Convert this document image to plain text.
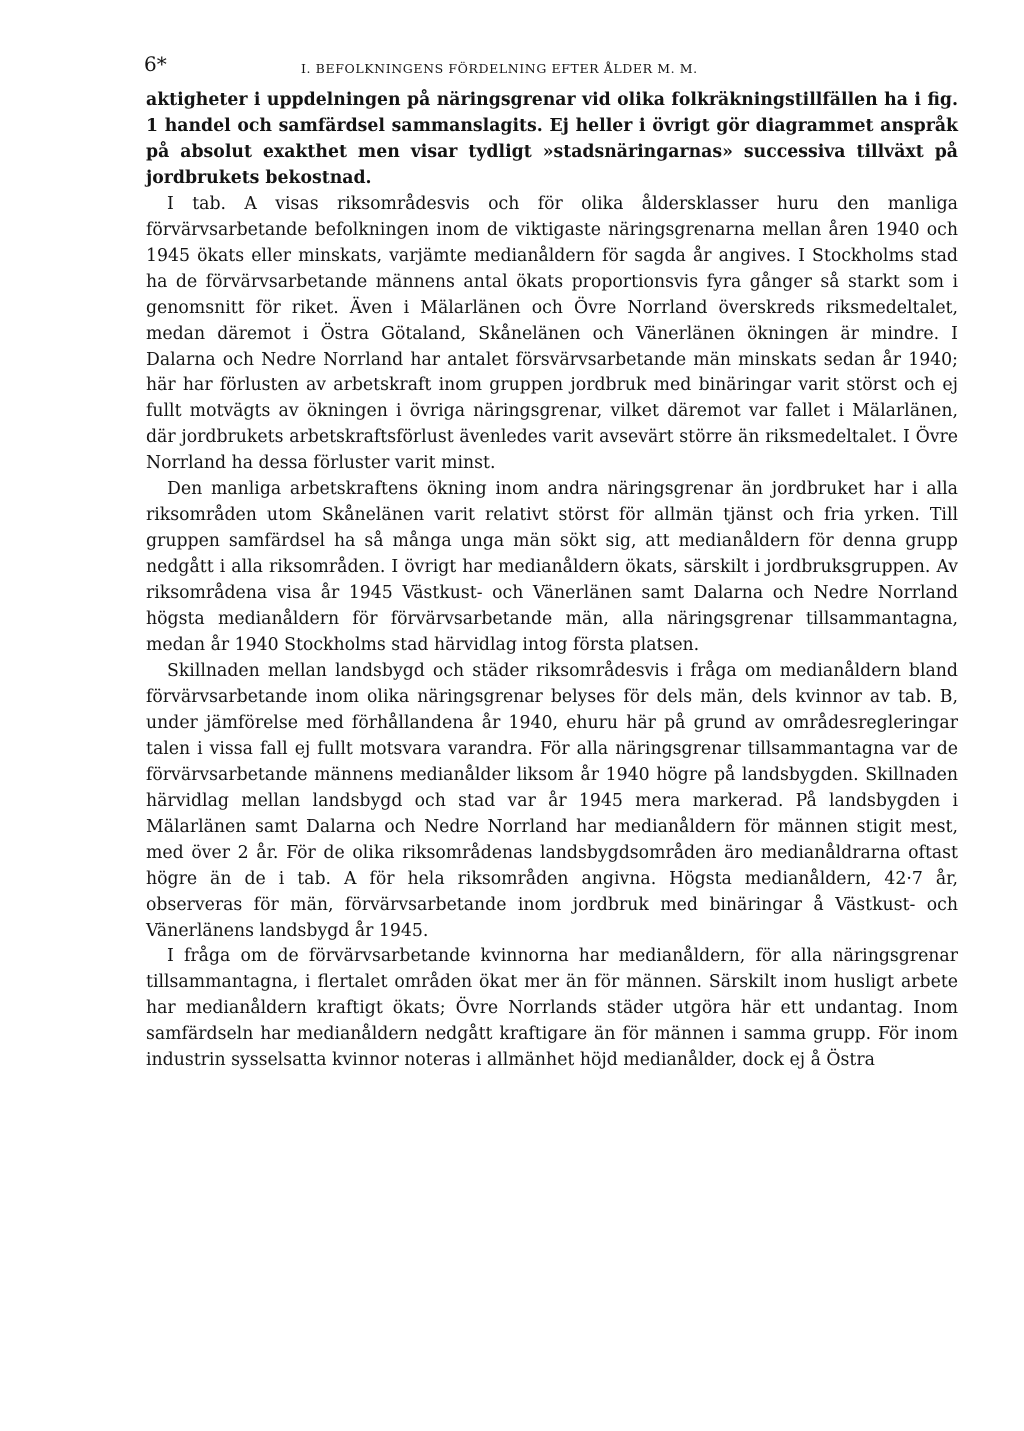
6*	I. BEFOLKNINGENS FÖRDELNING EFTER ÅLDER M. M.

aktigheter i uppdelningen på näringsgrenar vid olika folkräkningstillfällen ha i fig. 1 handel och samfärdsel sammanslagits. Ej heller i övrigt gör diagrammet anspråk på absolut exakthet men visar tydligt »stadsnäringarnas» successiva tillväxt på jordbrukets bekostnad.

I tab. A visas riksområdesvis och för olika åldersklasser huru den manliga förvärvsarbetande befolkningen inom de viktigaste näringsgrenarna mellan åren 1940 och 1945 ökats eller minskats, varjämte medianåldern för sagda år angives. I Stockholms stad ha de förvärvsarbetande männens antal ökats proportionsvis fyra gånger så starkt som i genomsnitt för riket. Även i Mälarlänen och Övre Norrland överskreds riksmedeltalet, medan däremot i Östra Götaland, Skånelänen och Vänerlänen ökningen är mindre. I Dalarna och Nedre Norrland har antalet försvärvsarbetande män minskats sedan år 1940; här har förlusten av arbetskraft inom gruppen jordbruk med binäringar varit störst och ej fullt motvägts av ökningen i övriga näringsgrenar, vilket däremot var fallet i Mälarlänen, där jordbrukets arbetskraftsförlust ävenledes varit avsevärt större än riksmedeltalet. I Övre Norrland ha dessa förluster varit minst.

Den manliga arbetskraftens ökning inom andra näringsgrenar än jordbruket har i alla riksområden utom Skånelänen varit relativt störst för allmän tjänst och fria yrken. Till gruppen samfärdsel ha så många unga män sökt sig, att medianåldern för denna grupp nedgått i alla riksområden. I övrigt har medianåldern ökats, särskilt i jordbruksgruppen. Av riksområdena visa år 1945 Västkust- och Vänerlänen samt Dalarna och Nedre Norrland högsta medianåldern för förvärvsarbetande män, alla näringsgrenar tillsammantagna, medan år 1940 Stockholms stad härvidlag intog första platsen.

Skillnaden mellan landsbygd och städer riksområdesvis i fråga om medianåldern bland förvärvsarbetande inom olika näringsgrenar belyses för dels män, dels kvinnor av tab. B, under jämförelse med förhållandena år 1940, ehuru här på grund av områdesregleringar talen i vissa fall ej fullt motsvara varandra. För alla näringsgrenar tillsammantagna var de förvärvsarbetande männens medianålder liksom år 1940 högre på landsbygden. Skillnaden härvidlag mellan landsbygd och stad var år 1945 mera markerad. På landsbygden i Mälarlänen samt Dalarna och Nedre Norrland har medianåldern för männen stigit mest, med över 2 år. För de olika riksområdenas landsbygdsområden äro medianåldrarna oftast högre än de i tab. A för hela riksområden angivna. Högsta medianåldern, 42·7 år, observeras för män, förvärvsarbetande inom jordbruk med binäringar å Västkust- och Vänerlänens landsbygd år 1945.

I fråga om de förvärvsarbetande kvinnorna har medianåldern, för alla näringsgrenar tillsammantagna, i flertalet områden ökat mer än för männen. Särskilt inom husligt arbete har medianåldern kraftigt ökats; Övre Norrlands städer utgöra här ett undantag. Inom samfärdseln har medianåldern nedgått kraftigare än för männen i samma grupp. För inom industrin sysselsatta kvinnor noteras i allmänhet höjd medianålder, dock ej å Östra
